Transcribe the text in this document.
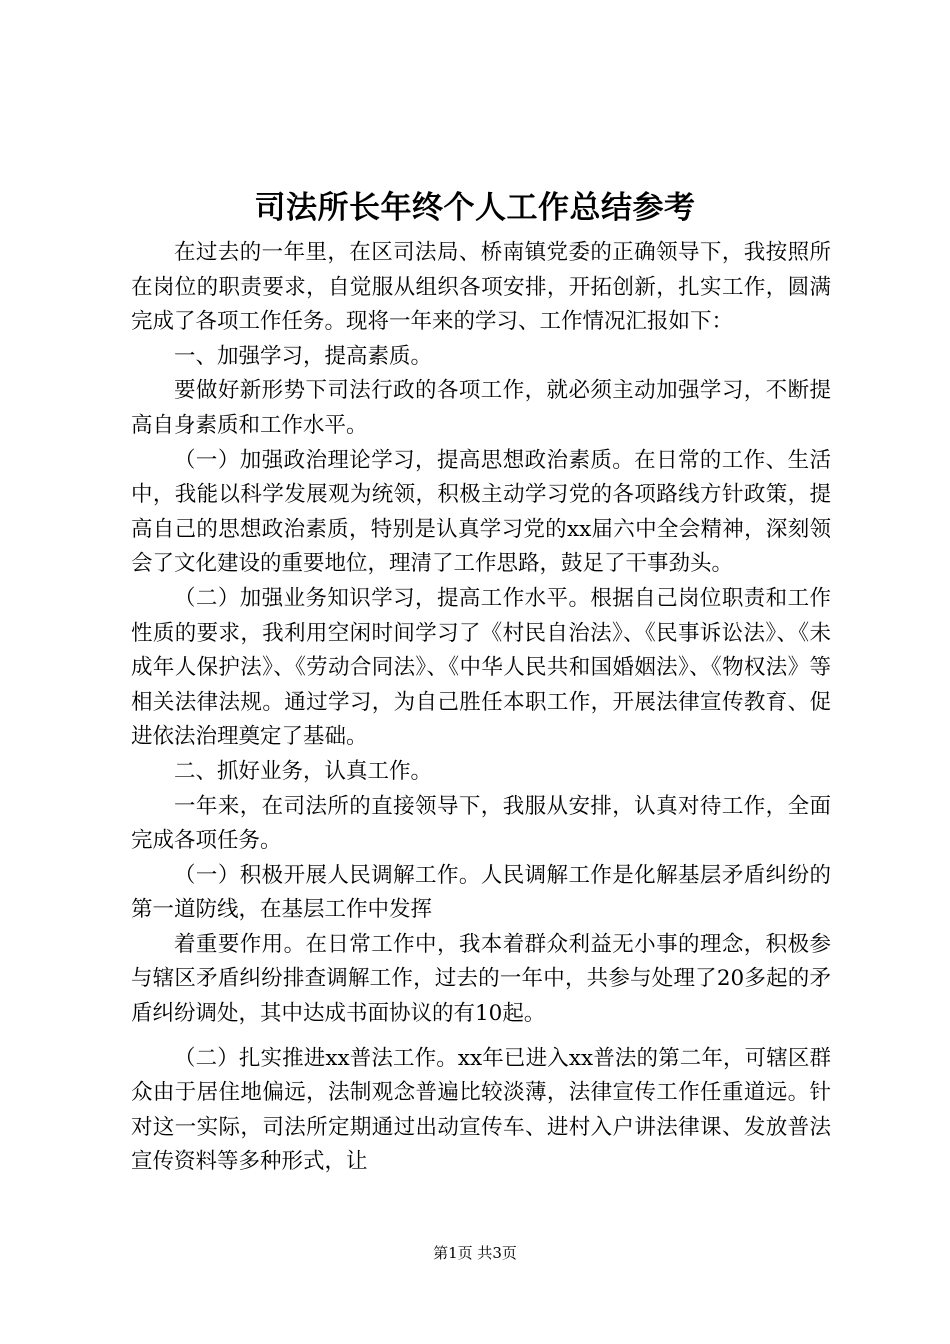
司法所长年终个人工作总结参考

在过去的一年里，在区司法局、桥南镇党委的正确领导下，我按照所在岗位的职责要求，自觉服从组织各项安排，开拓创新，扎实工作，圆满完成了各项工作任务。现将一年来的学习、工作情况汇报如下：

一、加强学习，提高素质。

要做好新形势下司法行政的各项工作，就必须主动加强学习，不断提高自身素质和工作水平。

（一）加强政治理论学习，提高思想政治素质。在日常的工作、生活中，我能以科学发展观为统领，积极主动学习党的各项路线方针政策，提高自己的思想政治素质，特别是认真学习党的xx届六中全会精神，深刻领会了文化建设的重要地位，理清了工作思路，鼓足了干事劲头。

（二）加强业务知识学习，提高工作水平。根据自己岗位职责和工作性质的要求，我利用空闲时间学习了《村民自治法》、《民事诉讼法》、《未成年人保护法》、《劳动合同法》、《中华人民共和国婚姻法》、《物权法》等相关法律法规。通过学习，为自己胜任本职工作，开展法律宣传教育、促进依法治理奠定了基础。

二、抓好业务，认真工作。

一年来，在司法所的直接领导下，我服从安排，认真对待工作，全面完成各项任务。

（一）积极开展人民调解工作。人民调解工作是化解基层矛盾纠纷的第一道防线，在基层工作中发挥

着重要作用。在日常工作中，我本着群众利益无小事的理念，积极参与辖区矛盾纠纷排查调解工作，过去的一年中，共参与处理了20多起的矛盾纠纷调处，其中达成书面协议的有10起。

（二）扎实推进xx普法工作。xx年已进入xx普法的第二年，可辖区群众由于居住地偏远，法制观念普遍比较淡薄，法律宣传工作任重道远。针对这一实际，司法所定期通过出动宣传车、进村入户讲法律课、发放普法宣传资料等多种形式，让

第1页 共3页
